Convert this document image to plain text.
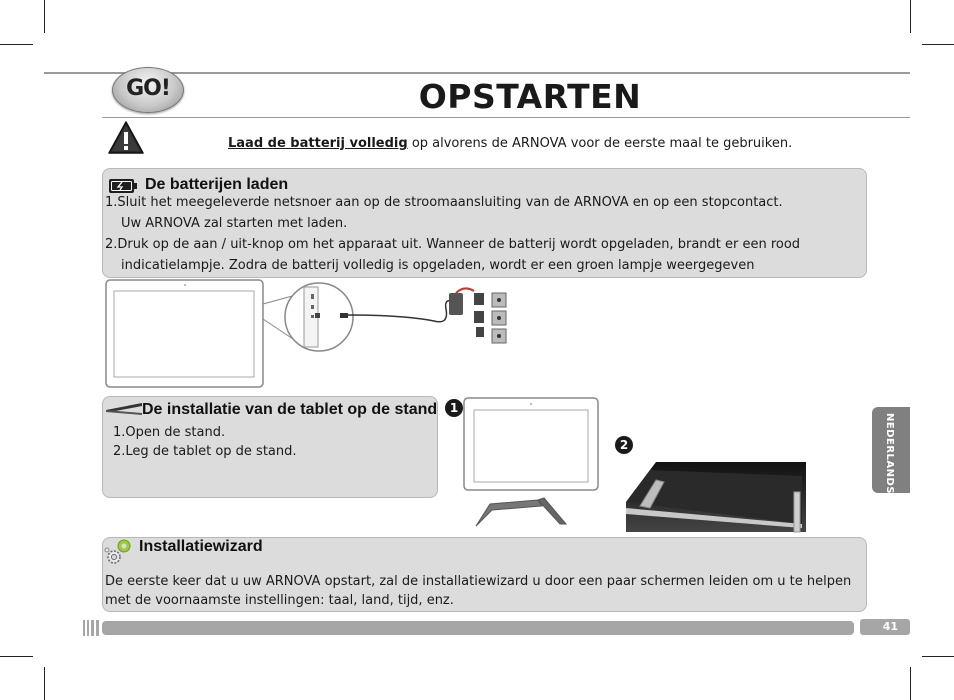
GO!	OPSTARTEN
Laad de batterij volledig op alvorens de ARNOVA voor de eerste maal te gebruiken.
De batterijen laden
1.Sluit het meegeleverde netsnoer aan op de stroomaansluiting van de ARNOVA en op een stopcontact.
Uw ARNOVA zal starten met laden.
2.Druk op de aan / uit-knop om het apparaat uit. Wanneer de batterij wordt opgeladen, brandt er een rood
indicatielampje. Zodra de batterij volledig is opgeladen, wordt er een groen lampje weergegeven
De installatie van de tablet op de stand
1.Open de stand.
2.Leg de tablet op de stand.
1
2
Installatiewizard
De eerste keer dat u uw ARNOVA opstart, zal de installatiewizard u door een paar schermen leiden om u te helpen
met de voornaamste instellingen: taal, land, tijd, enz.
NEDERLANDS
41
